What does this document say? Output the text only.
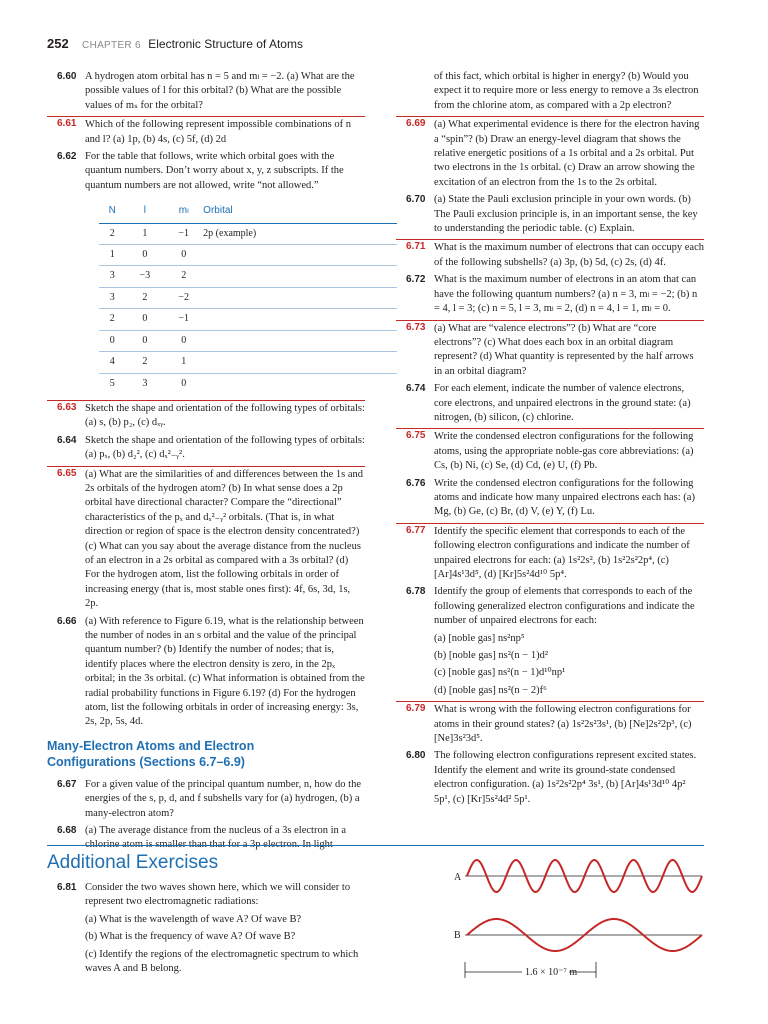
252 CHAPTER 6 Electronic Structure of Atoms
6.60 A hydrogen atom orbital has n = 5 and mₗ = −2. (a) What are the possible values of l for this orbital? (b) What are the possible values of mₛ for the orbital?
6.61 Which of the following represent impossible combinations of n and l? (a) 1p, (b) 4s, (c) 5f, (d) 2d
6.62 For the table that follows, write which orbital goes with the quantum numbers. Don’t worry about x, y, z subscripts. If the quantum numbers are not allowed, write “not allowed.”
N	l	mₗ	Orbital
2	1	−1	2p (example)
1	0	0	
3	−3	2	
3	2	−2	
2	0	−1	
0	0	0	
4	2	1	
5	3	0	
6.63 Sketch the shape and orientation of the following types of orbitals: (a) s, (b) p₂, (c) dₓᵧ.
6.64 Sketch the shape and orientation of the following types of orbitals: (a) pₓ, (b) d₂², (c) dₓ²₋ᵧ².
6.65 (a) What are the similarities of and differences between the 1s and 2s orbitals of the hydrogen atom? (b) In what sense does a 2p orbital have directional character? Compare the “directional” characteristics of the pₓ and dₓ²₋ᵧ² orbitals. (That is, in what direction or region of space is the electron density concentrated?) (c) What can you say about the average distance from the nucleus of an electron in a 2s orbital as compared with a 3s orbital? (d) For the hydrogen atom, list the following orbitals in order of increasing energy (that is, most stable ones first): 4f, 6s, 3d, 1s, 2p.
6.66 (a) With reference to Figure 6.19, what is the relationship between the number of nodes in an s orbital and the value of the principal quantum number? (b) Identify the number of nodes; that is, identify places where the electron density is zero, in the 2pₓ orbital; in the 3s orbital. (c) What information is obtained from the radial probability functions in Figure 6.19? (d) For the hydrogen atom, list the following orbitals in order of increasing energy: 3s, 2s, 2p, 5s, 4d.
Many-Electron Atoms and Electron
Configurations (Sections 6.7–6.9)
6.67 For a given value of the principal quantum number, n, how do the energies of the s, p, d, and f subshells vary for (a) hydrogen, (b) a many-electron atom?
6.68 (a) The average distance from the nucleus of a 3s electron in a chlorine atom is smaller than that for a 3p electron. In light
of this fact, which orbital is higher in energy? (b) Would you expect it to require more or less energy to remove a 3s electron from the chlorine atom, as compared with a 2p electron?
6.69 (a) What experimental evidence is there for the electron having a “spin”? (b) Draw an energy-level diagram that shows the relative energetic positions of a 1s orbital and a 2s orbital. Put two electrons in the 1s orbital. (c) Draw an arrow showing the excitation of an electron from the 1s to the 2s orbital.
6.70 (a) State the Pauli exclusion principle in your own words. (b) The Pauli exclusion principle is, in an important sense, the key to understanding the periodic table. (c) Explain.
6.71 What is the maximum number of electrons that can occupy each of the following subshells? (a) 3p, (b) 5d, (c) 2s, (d) 4f.
6.72 What is the maximum number of electrons in an atom that can have the following quantum numbers? (a) n = 3, mₗ = −2; (b) n = 4, l = 3; (c) n = 5, l = 3, mₗ = 2, (d) n = 4, l = 1, mₗ = 0.
6.73 (a) What are “valence electrons”? (b) What are “core electrons”? (c) What does each box in an orbital diagram represent? (d) What quantity is represented by the half arrows in an orbital diagram?
6.74 For each element, indicate the number of valence electrons, core electrons, and unpaired electrons in the ground state: (a) nitrogen, (b) silicon, (c) chlorine.
6.75 Write the condensed electron configurations for the following atoms, using the appropriate noble-gas core abbreviations: (a) Cs, (b) Ni, (c) Se, (d) Cd, (e) U, (f) Pb.
6.76 Write the condensed electron configurations for the following atoms and indicate how many unpaired electrons each has: (a) Mg, (b) Ge, (c) Br, (d) V, (e) Y, (f) Lu.
6.77 Identify the specific element that corresponds to each of the following electron configurations and indicate the number of unpaired electrons for each: (a) 1s²2s², (b) 1s²2s²2p⁴, (c) [Ar]4s¹3d⁵, (d) [Kr]5s²4d¹⁰ 5p⁴.
6.78 Identify the group of elements that corresponds to each of the following generalized electron configurations and indicate the number of unpaired electrons for each:
(a) [noble gas] ns²np⁵
(b) [noble gas] ns²(n − 1)d²
(c) [noble gas] ns²(n − 1)d¹⁰np¹
(d) [noble gas] ns²(n − 2)f⁶
6.79 What is wrong with the following electron configurations for atoms in their ground states? (a) 1s²2s²3s¹, (b) [Ne]2s²2p³, (c) [Ne]3s²3d⁵.
6.80 The following electron configurations represent excited states. Identify the element and write its ground-state condensed electron configuration. (a) 1s²2s²2p⁴ 3s¹, (b) [Ar]4s¹3d¹⁰ 4p² 5p¹, (c) [Kr]5s²4d² 5p¹.
Additional Exercises
6.81 Consider the two waves shown here, which we will consider to represent two electromagnetic radiations:
(a) What is the wavelength of wave A? Of wave B?
(b) What is the frequency of wave A? Of wave B?
(c) Identify the regions of the electromagnetic spectrum to which waves A and B belong.
A
B
1.6 × 10⁻⁷ m
